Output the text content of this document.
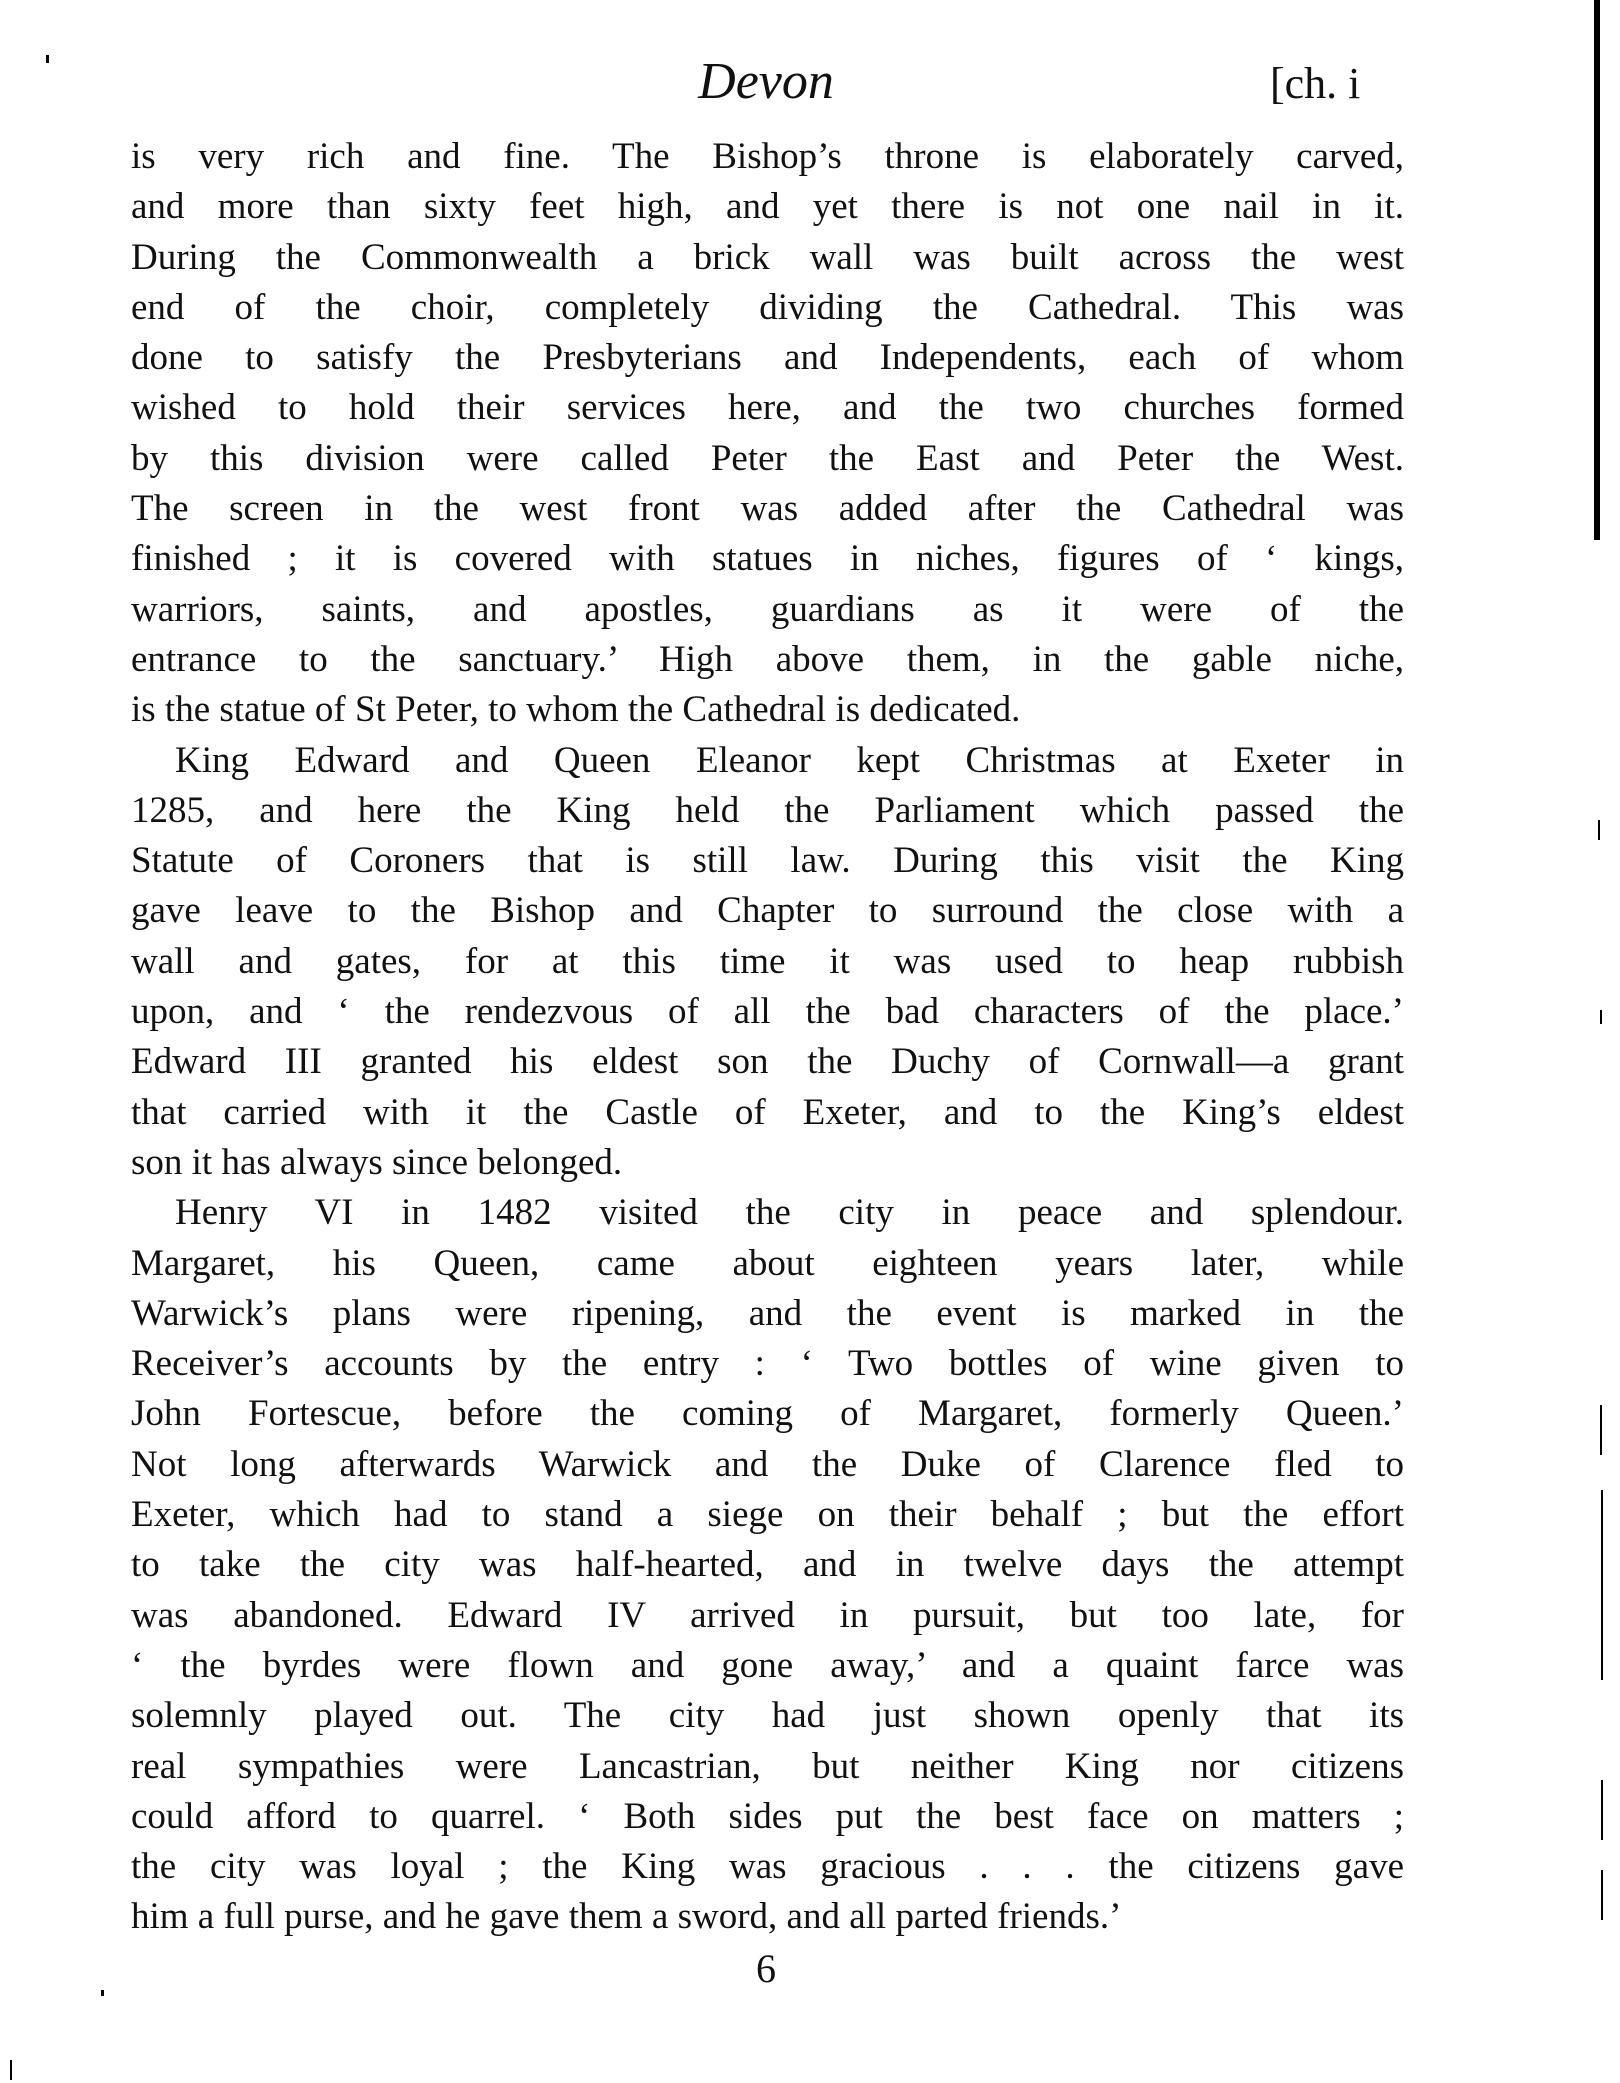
Devon	[ch. i
is very rich and fine. The Bishop’s throne is elaborately carved,
and more than sixty feet high, and yet there is not one nail in it.
During the Commonwealth a brick wall was built across the west
end of the choir, completely dividing the Cathedral. This was
done to satisfy the Presbyterians and Independents, each of whom
wished to hold their services here, and the two churches formed
by this division were called Peter the East and Peter the West.
The screen in the west front was added after the Cathedral was
finished ; it is covered with statues in niches, figures of ‘ kings,
warriors, saints, and apostles, guardians as it were of the
entrance to the sanctuary.’ High above them, in the gable niche,
is the statue of St Peter, to whom the Cathedral is dedicated.
King Edward and Queen Eleanor kept Christmas at Exeter in
1285, and here the King held the Parliament which passed the
Statute of Coroners that is still law. During this visit the King
gave leave to the Bishop and Chapter to surround the close with a
wall and gates, for at this time it was used to heap rubbish
upon, and ‘ the rendezvous of all the bad characters of the place.’
Edward III granted his eldest son the Duchy of Cornwall—a grant
that carried with it the Castle of Exeter, and to the King’s eldest
son it has always since belonged.
Henry VI in 1482 visited the city in peace and splendour.
Margaret, his Queen, came about eighteen years later, while
Warwick’s plans were ripening, and the event is marked in the
Receiver’s accounts by the entry : ‘ Two bottles of wine given to
John Fortescue, before the coming of Margaret, formerly Queen.’
Not long afterwards Warwick and the Duke of Clarence fled to
Exeter, which had to stand a siege on their behalf ; but the effort
to take the city was half-hearted, and in twelve days the attempt
was abandoned. Edward IV arrived in pursuit, but too late, for
‘ the byrdes were flown and gone away,’ and a quaint farce was
solemnly played out. The city had just shown openly that its
real sympathies were Lancastrian, but neither King nor citizens
could afford to quarrel. ‘ Both sides put the best face on matters ;
the city was loyal ; the King was gracious . . . the citizens gave
him a full purse, and he gave them a sword, and all parted friends.’
6
